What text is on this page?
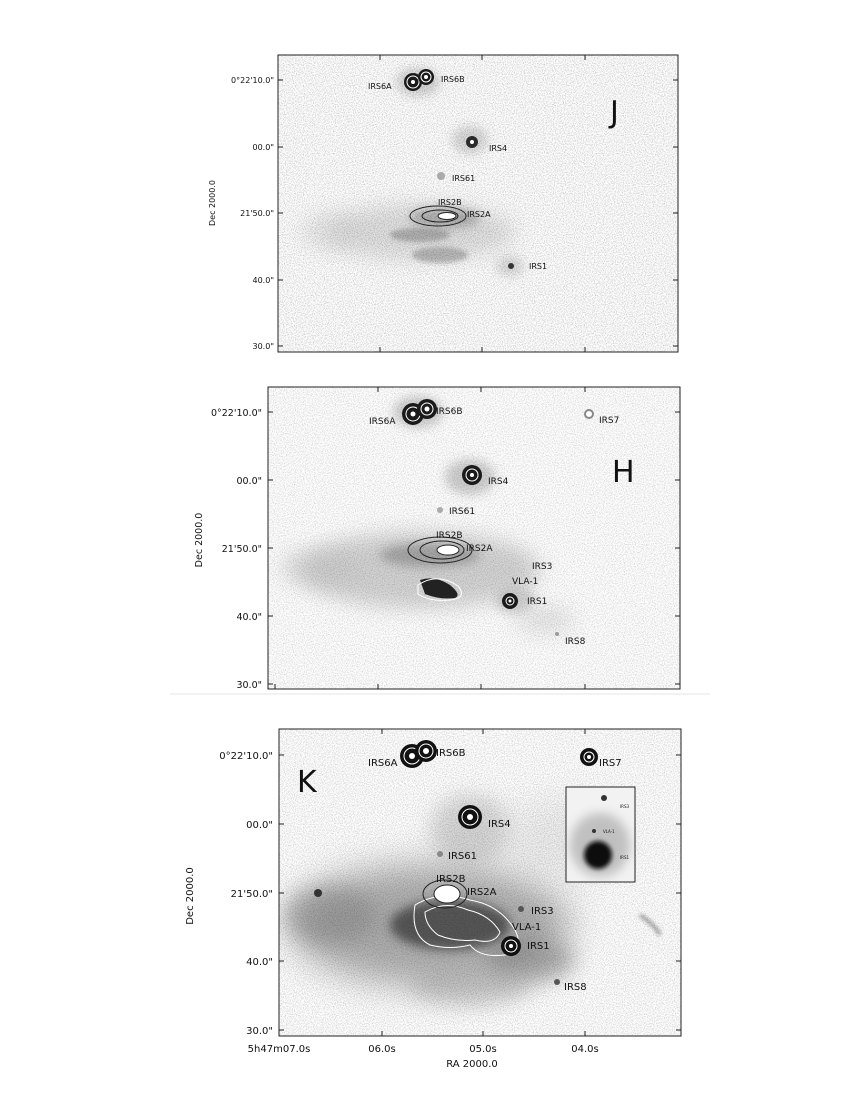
J
IRS6A
IRS6B
IRS4
IRS61
IRS2B
IRS2A
IRS1
0°22'10.0"
00.0"
21'50.0"
40.0"
30.0"
Dec 2000.0
H
IRS6A
IRS6B
IRS7
IRS4
IRS61
IRS2B
IRS2A
IRS3
VLA-1
IRS1
IRS8
0°22'10.0"
00.0"
21'50.0"
40.0"
30.0"
Dec 2000.0
K
IRS3
VLA-1
IRS1
IRS6A
IRS6B
IRS7
IRS4
IRS61
IRS2B
IRS2A
IRS3
VLA-1
IRS1
IRS8
0°22'10.0"
00.0"
21'50.0"
40.0"
30.0"
Dec 2000.0
5h47m07.0s	06.0s	05.0s	04.0s
RA 2000.0
